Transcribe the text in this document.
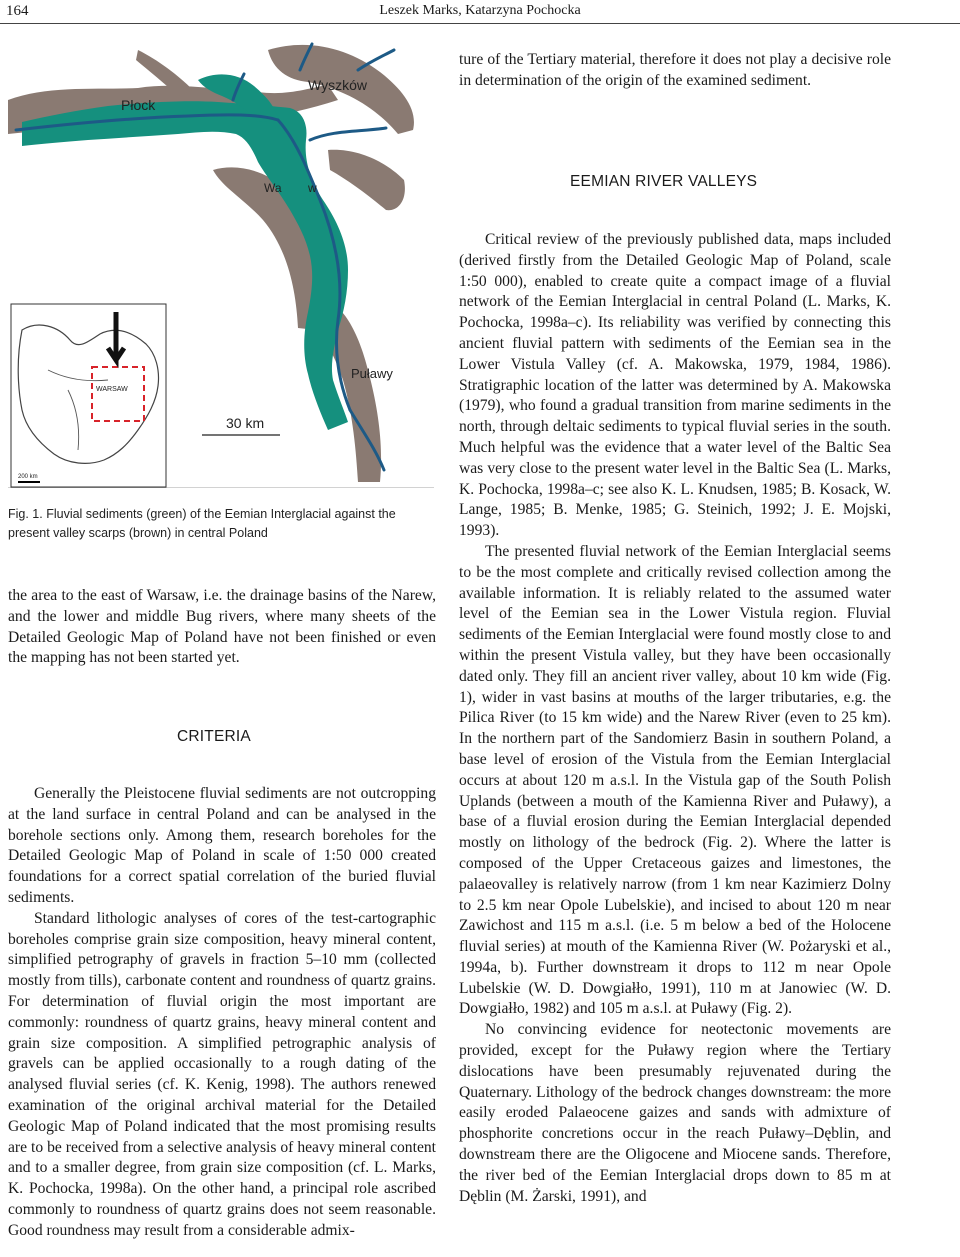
164	Leszek Marks, Katarzyna Pochocka
Płock
Wyszków
Wa w
Puławy
30 km
WARSAW
200 km
Fig. 1. Fluvial sediments (green) of the Eemian Interglacial against the present valley scarps (brown) in central Poland

the area to the east of Warsaw, i.e. the drainage basins of the Narew, and the lower and middle Bug rivers, where many sheets of the Detailed Geologic Map of Poland have not been finished or even the mapping has not been started yet.

CRITERIA

Generally the Pleistocene fluvial sediments are not outcropping at the land surface in central Poland and can be analysed in the borehole sections only. Among them, research boreholes for the Detailed Geologic Map of Poland in scale of 1:50 000 created foundations for a correct spatial correlation of the buried fluvial sediments.

Standard lithologic analyses of cores of the test-cartographic boreholes comprise grain size composition, heavy mineral content, simplified petrography of gravels in fraction 5–10 mm (collected mostly from tills), carbonate content and roundness of quartz grains. For determination of fluvial origin the most important are commonly: roundness of quartz grains, heavy mineral content and grain size composition. A simplified petrographic analysis of gravels can be applied occasionally to a rough dating of the analysed fluvial series (cf. K. Kenig, 1998). The authors renewed examination of the original archival material for the Detailed Geologic Map of Poland indicated that the most promising results are to be received from a selective analysis of heavy mineral content and to a smaller degree, from grain size composition (cf. L. Marks, K. Pochocka, 1998a). On the other hand, a principal role ascribed commonly to roundness of quartz grains does not seem reasonable. Good roundness may result from a considerable admix-

ture of the Tertiary material, therefore it does not play a decisive role in determination of the origin of the examined sediment.

EEMIAN RIVER VALLEYS

Critical review of the previously published data, maps included (derived firstly from the Detailed Geologic Map of Poland, scale 1:50 000), enabled to create quite a compact image of a fluvial network of the Eemian Interglacial in central Poland (L. Marks, K. Pochocka, 1998a–c). Its reliability was verified by connecting this ancient fluvial pattern with sediments of the Eemian sea in the Lower Vistula Valley (cf. A. Makowska, 1979, 1984, 1986). Stratigraphic location of the latter was determined by A. Makowska (1979), who found a gradual transition from marine sediments in the north, through deltaic sediments to typical fluvial series in the south. Much helpful was the evidence that a water level of the Baltic Sea was very close to the present water level in the Baltic Sea (L. Marks, K. Pochocka, 1998a–c; see also K. L. Knudsen, 1985; B. Kosack, W. Lange, 1985; B. Menke, 1985; G. Steinich, 1992; J. E. Mojski, 1993).

The presented fluvial network of the Eemian Interglacial seems to be the most complete and critically revised collection among the available information. It is reliably related to the assumed water level of the Eemian sea in the Lower Vistula region. Fluvial sediments of the Eemian Interglacial were found mostly close to and within the present Vistula valley, but they have been occasionally dated only. They fill an ancient river valley, about 10 km wide (Fig. 1), wider in vast basins at mouths of the larger tributaries, e.g. the Pilica River (to 15 km wide) and the Narew River (even to 25 km). In the northern part of the Sandomierz Basin in southern Poland, a base level of erosion of the Vistula from the Eemian Interglacial occurs at about 120 m a.s.l. In the Vistula gap of the South Polish Uplands (between a mouth of the Kamienna River and Puławy), a base of a fluvial erosion during the Eemian Interglacial depended mostly on lithology of the bedrock (Fig. 2). Where the latter is composed of the Upper Cretaceous gaizes and limestones, the palaeovalley is relatively narrow (from 1 km near Kazimierz Dolny to 2.5 km near Opole Lubelskie), and incised to about 120 m near Zawichost and 115 m a.s.l. (i.e. 5 m below a bed of the Holocene fluvial series) at mouth of the Kamienna River (W. Pożaryski et al., 1994a, b). Further downstream it drops to 112 m near Opole Lubelskie (W. D. Dowgiałło, 1991), 110 m at Janowiec (W. D. Dowgiałło, 1982) and 105 m a.s.l. at Puławy (Fig. 2).

No convincing evidence for neotectonic movements are provided, except for the Puławy region where the Tertiary dislocations have been presumably rejuvenated during the Quaternary. Lithology of the bedrock changes downstream: the more easily eroded Palaeocene gaizes and sands with admixture of phosphorite concretions occur in the reach Puławy–Dęblin, and downstream there are the Oligocene and Miocene sands. Therefore, the river bed of the Eemian Interglacial drops down to 85 m at Dęblin (M. Żarski, 1991), and
